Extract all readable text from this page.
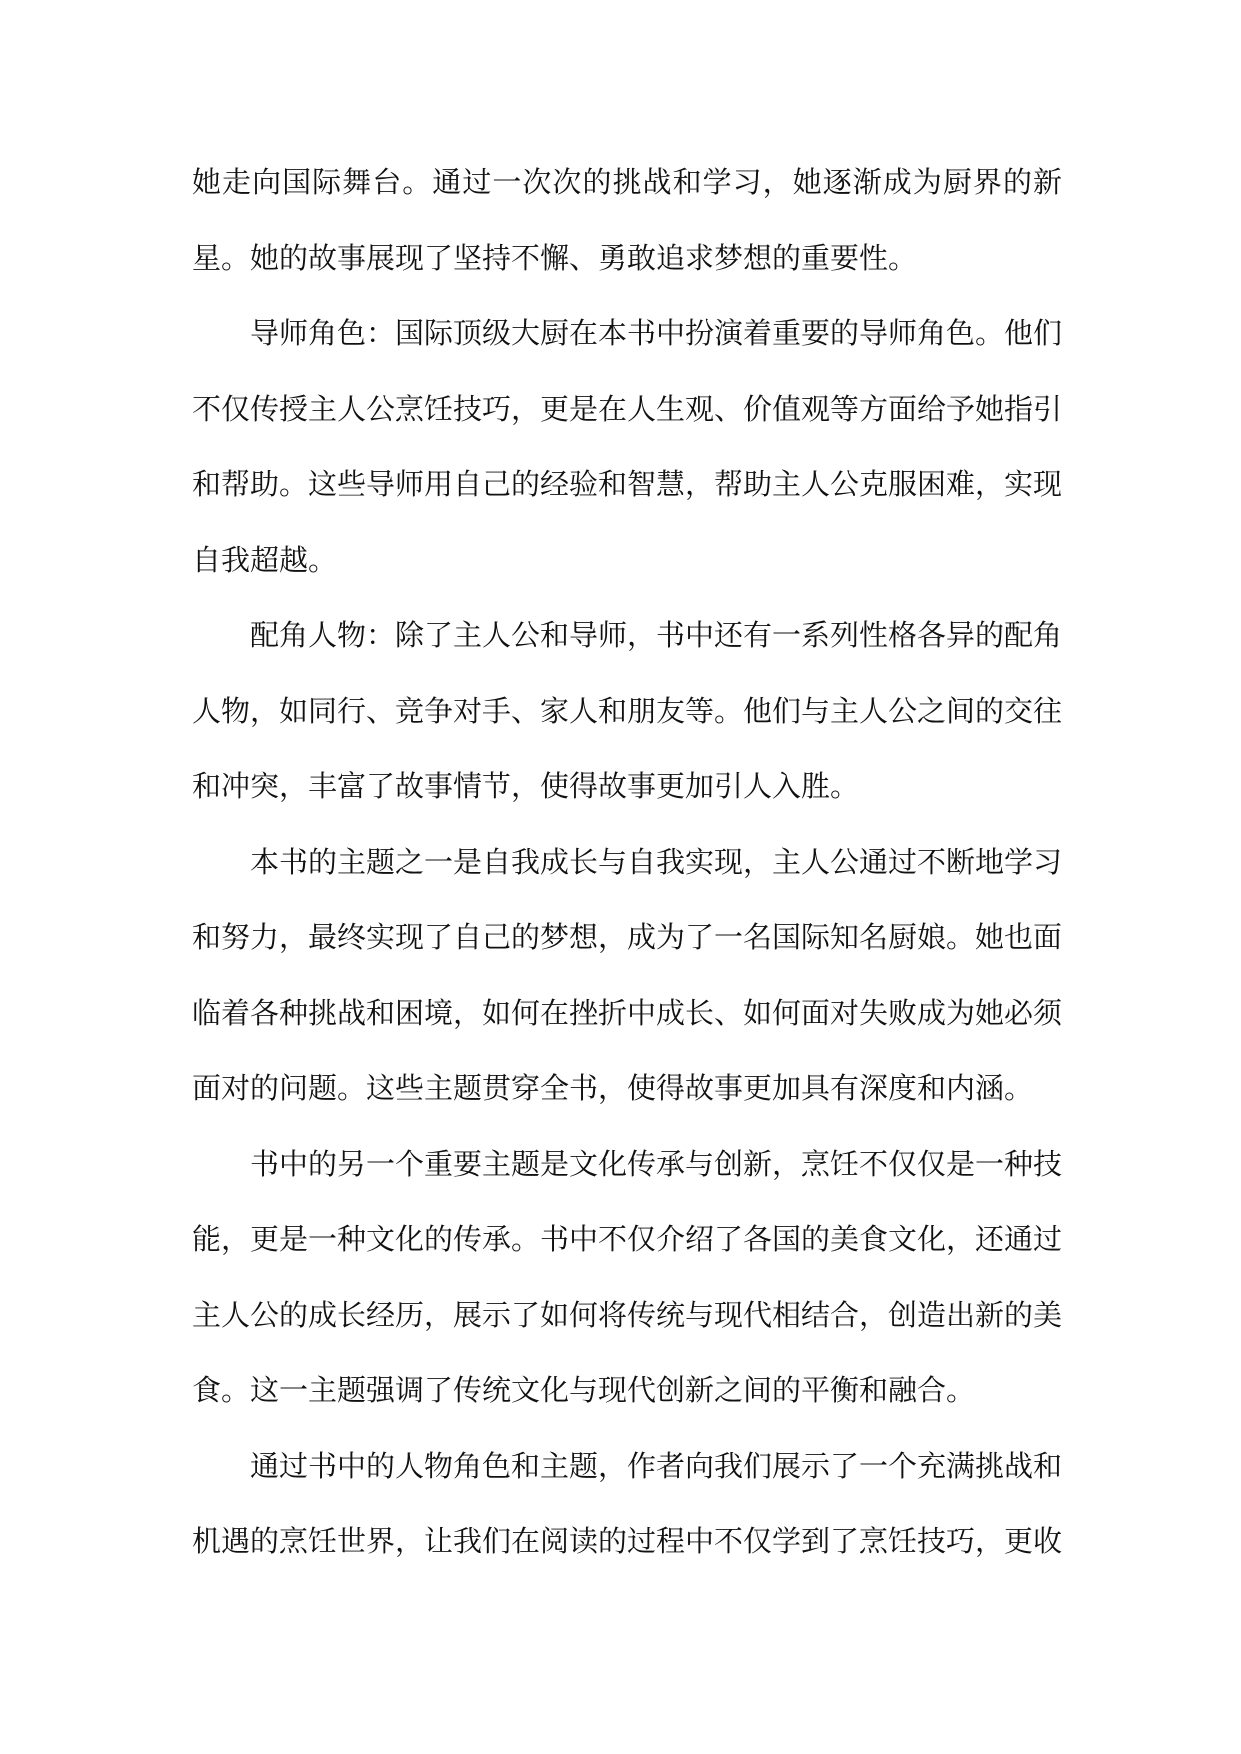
她走向国际舞台。通过一次次的挑战和学习，她逐渐成为厨界的新星。她的故事展现了坚持不懈、勇敢追求梦想的重要性。

导师角色：国际顶级大厨在本书中扮演着重要的导师角色。他们不仅传授主人公烹饪技巧，更是在人生观、价值观等方面给予她指引和帮助。这些导师用自己的经验和智慧，帮助主人公克服困难，实现自我超越。

配角人物：除了主人公和导师，书中还有一系列性格各异的配角人物，如同行、竞争对手、家人和朋友等。他们与主人公之间的交往和冲突，丰富了故事情节，使得故事更加引人入胜。

本书的主题之一是自我成长与自我实现，主人公通过不断地学习和努力，最终实现了自己的梦想，成为了一名国际知名厨娘。她也面临着各种挑战和困境，如何在挫折中成长、如何面对失败成为她必须面对的问题。这些主题贯穿全书，使得故事更加具有深度和内涵。

书中的另一个重要主题是文化传承与创新，烹饪不仅仅是一种技能，更是一种文化的传承。书中不仅介绍了各国的美食文化，还通过主人公的成长经历，展示了如何将传统与现代相结合，创造出新的美食。这一主题强调了传统文化与现代创新之间的平衡和融合。

通过书中的人物角色和主题，作者向我们展示了一个充满挑战和机遇的烹饪世界，让我们在阅读的过程中不仅学到了烹饪技巧，更收
